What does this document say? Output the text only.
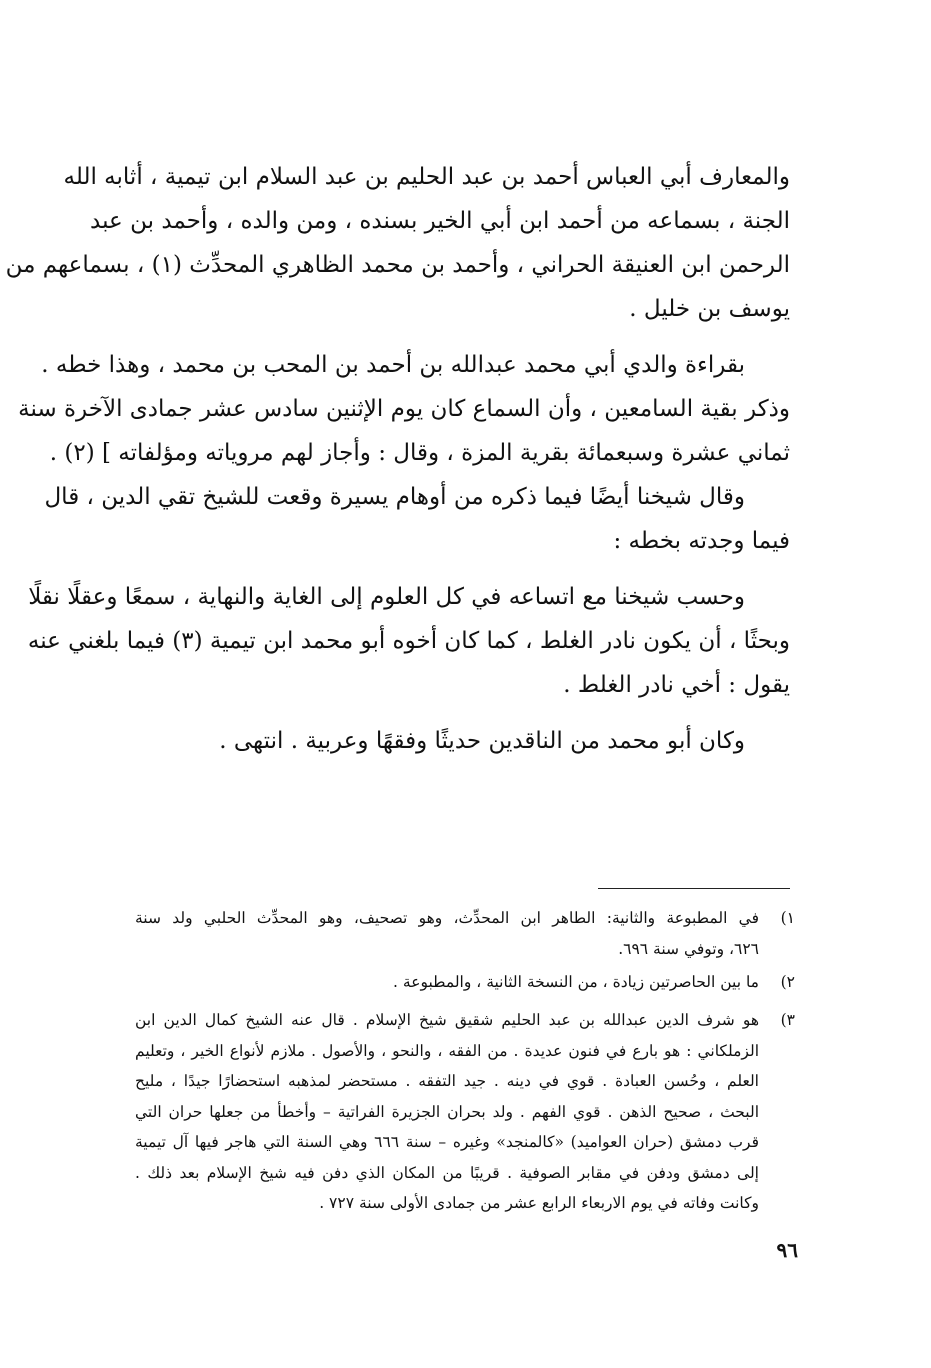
والمعارف أبي العباس أحمد بن عبد الحليم بن عبد السلام ابن تيمية ، أثابه الله
الجنة ، بسماعه من أحمد ابن أبي الخير بسنده ، ومن والده ، وأحمد بن عبد
الرحمن ابن العنيقة الحراني ، وأحمد بن محمد الظاهري المحدِّث (١) ، بسماعهم من
يوسف بن خليل .
بقراءة والدي أبي محمد عبدالله بن أحمد بن المحب بن محمد ، وهذا خطه .
وذكر بقية السامعين ، وأن السماع كان يوم الإثنين سادس عشر جمادى الآخرة سنة
ثماني عشرة وسبعمائة بقرية المزة ، وقال : وأجاز لهم مروياته ومؤلفاته ] (٢) .
وقال شيخنا أيضًا فيما ذكره من أوهام يسيرة وقعت للشيخ تقي الدين ، قال
فيما وجدته بخطه :
وحسب شيخنا مع اتساعه في كل العلوم إلى الغاية والنهاية ، سمعًا وعقلًا نقلًا
وبحثًا ، أن يكون نادر الغلط ، كما كان أخوه أبو محمد ابن تيمية (٣) فيما بلغني عنه
يقول : أخي نادر الغلط .
وكان أبو محمد من الناقدين حديثًا وفقهًا وعربية . انتهى .
١)
في المطبوعة والثانية: الطاهر ابن المحدِّث، وهو تصحيف، وهو المحدِّث الحلبي ولد سنة
٦٢٦، وتوفي سنة ٦٩٦.
٢)
ما بين الحاصرتين زيادة ، من النسخة الثانية ، والمطبوعة .
٣)
هو شرف الدين عبدالله بن عبد الحليم شقيق شيخ الإسلام . قال عنه الشيخ كمال الدين ابن
الزملكاني : هو بارع في فنون عديدة . من الفقه ، والنحو ، والأصول . ملازم لأنواع الخير ، وتعليم
العلم ، وحُسن العبادة . قوي في دينه . جيد التفقه . مستحضر لمذهبه استحضارًا جيدًا ، مليح
البحث ، صحيح الذهن . قوي الفهم . ولد بحران الجزيرة الفراتية – وأخطأ من جعلها حران التي
قرب دمشق (حران العواميد) «كالمنجد» وغيره – سنة ٦٦٦ وهي السنة التي هاجر فيها آل تيمية
إلى دمشق ودفن في مقابر الصوفية . قريبًا من المكان الذي دفن فيه شيخ الإسلام بعد ذلك .
وكانت وفاته في يوم الاربعاء الرابع عشر من جمادى الأولى سنة ٧٢٧ .
٩٦
